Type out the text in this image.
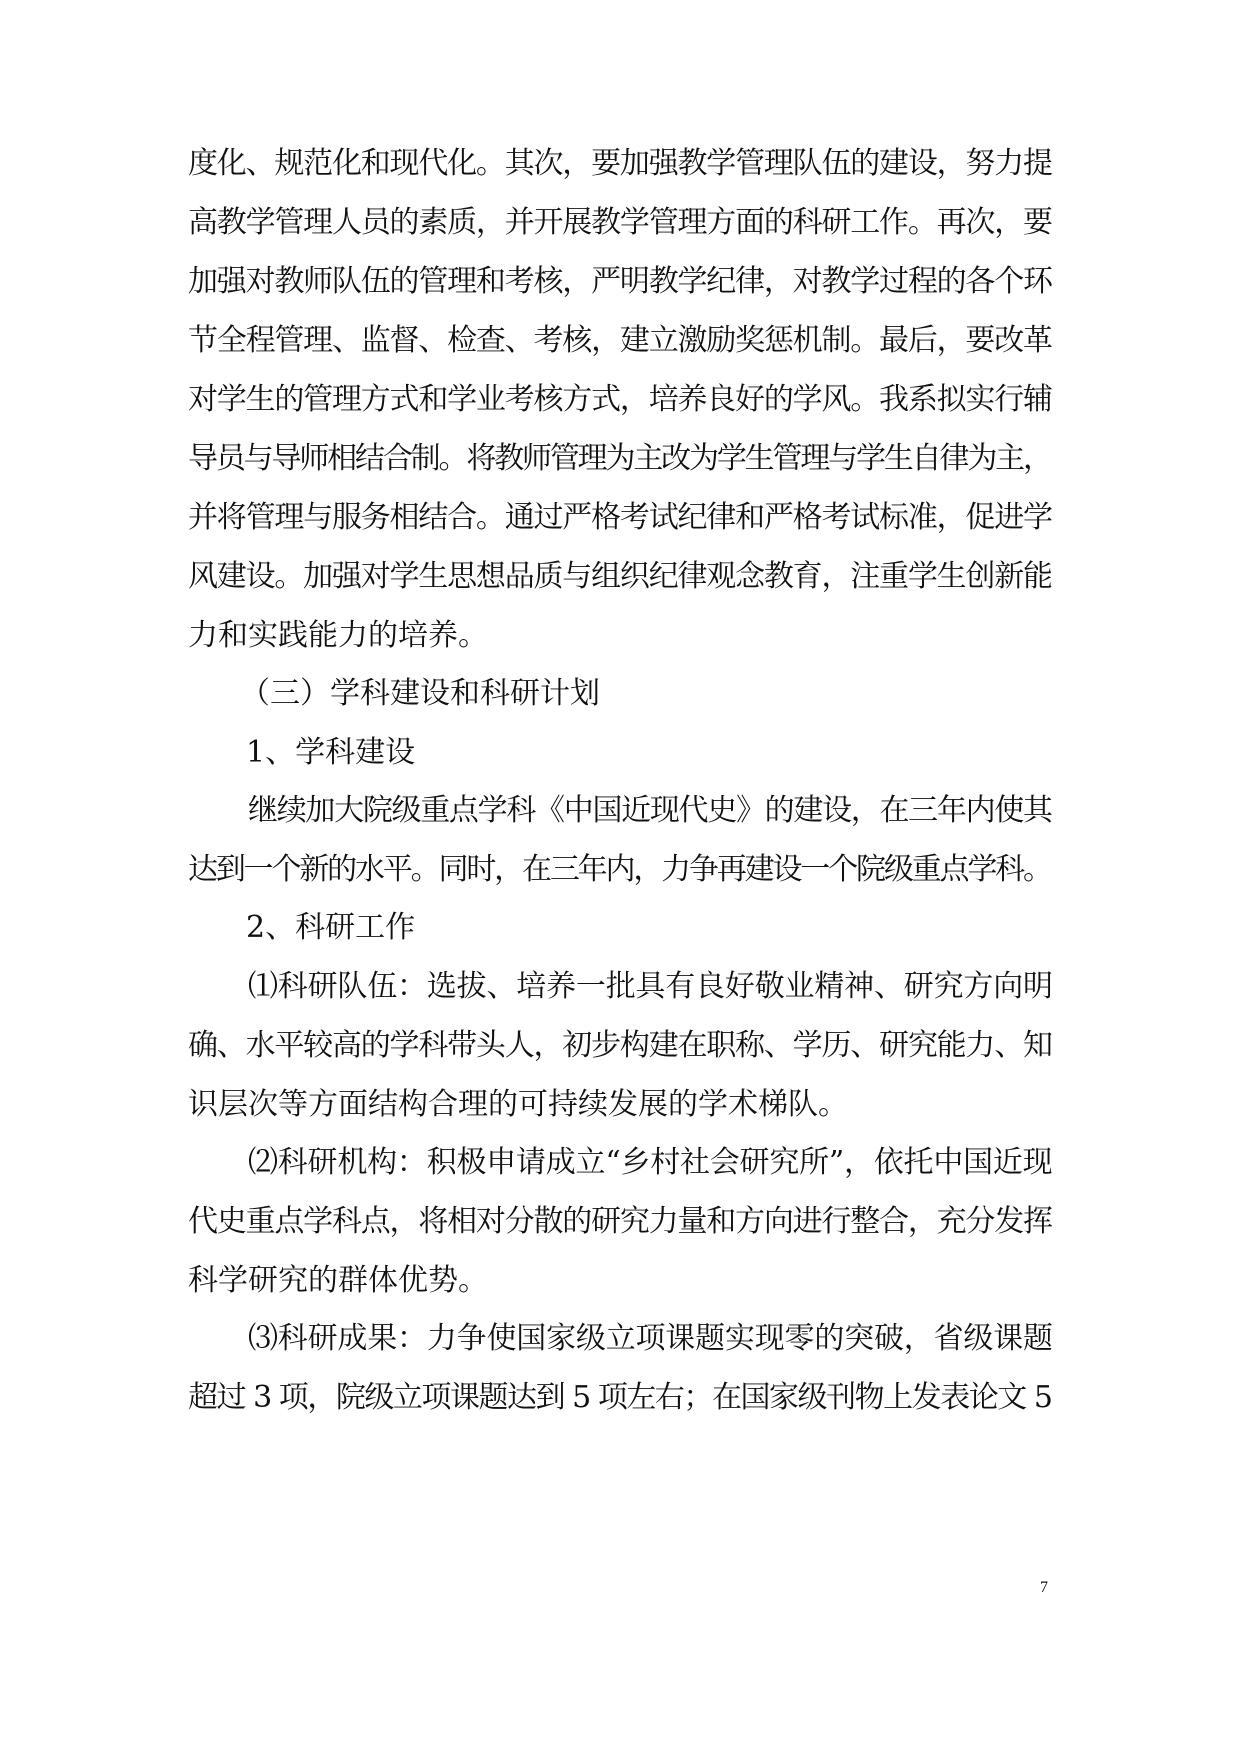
度化、规范化和现代化。其次，要加强教学管理队伍的建设，努力提
高教学管理人员的素质，并开展教学管理方面的科研工作。再次，要
加强对教师队伍的管理和考核，严明教学纪律，对教学过程的各个环
节全程管理、监督、检查、考核，建立激励奖惩机制。最后，要改革
对学生的管理方式和学业考核方式，培养良好的学风。我系拟实行辅
导员与导师相结合制。将教师管理为主改为学生管理与学生自律为主，
并将管理与服务相结合。通过严格考试纪律和严格考试标准，促进学
风建设。加强对学生思想品质与组织纪律观念教育，注重学生创新能
力和实践能力的培养。
（三）学科建设和科研计划
1、学科建设
继续加大院级重点学科《中国近现代史》的建设，在三年内使其
达到一个新的水平。同时，在三年内，力争再建设一个院级重点学科。
2、科研工作
⑴科研队伍：选拔、培养一批具有良好敬业精神、研究方向明
确、水平较高的学科带头人，初步构建在职称、学历、研究能力、知
识层次等方面结构合理的可持续发展的学术梯队。
⑵科研机构：积极申请成立“乡村社会研究所”，依托中国近现
代史重点学科点，将相对分散的研究力量和方向进行整合，充分发挥
科学研究的群体优势。
⑶科研成果：力争使国家级立项课题实现零的突破，省级课题
超过 3 项，院级立项课题达到 5 项左右；在国家级刊物上发表论文 5
7
